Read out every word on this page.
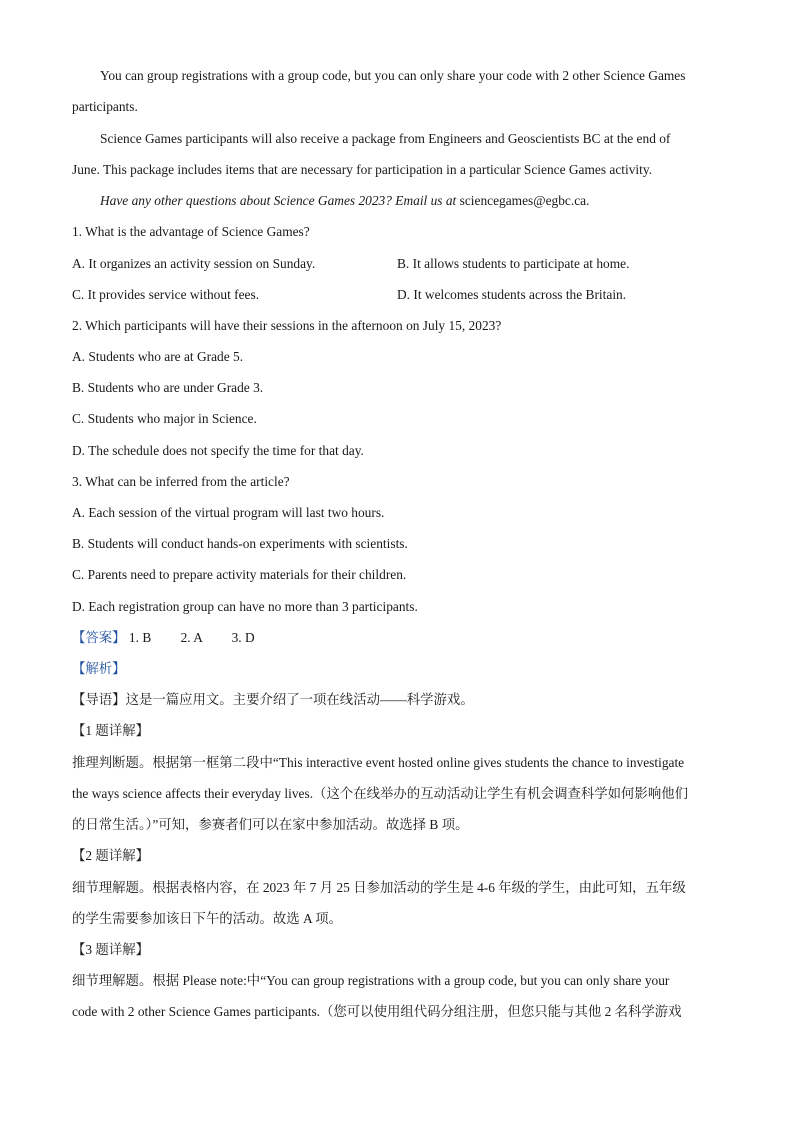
You can group registrations with a group code, but you can only share your code with 2 other Science Games
participants.
Science Games participants will also receive a package from Engineers and Geoscientists BC at the end of
June. This package includes items that are necessary for participation in a particular Science Games activity.
Have any other questions about Science Games 2023? Email us at sciencegames@egbc.ca.
1. What is the advantage of Science Games?
A. It organizes an activity session on Sunday.	B. It allows students to participate at home.
C. It provides service without fees.	D. It welcomes students across the Britain.
2. Which participants will have their sessions in the afternoon on July 15, 2023?
A. Students who are at Grade 5.
B. Students who are under Grade 3.
C. Students who major in Science.
D. The schedule does not specify the time for that day.
3. What can be inferred from the article?
A. Each session of the virtual program will last two hours.
B. Students will conduct hands-on experiments with scientists.
C. Parents need to prepare activity materials for their children.
D. Each registration group can have no more than 3 participants.
【答案】 1. B 2. A 3. D
【解析】
【导语】这是一篇应用文。主要介绍了一项在线活动——科学游戏。
【1 题详解】
推理判断题。根据第一框第二段中“This interactive event hosted online gives students the chance to investigate
the ways science affects their everyday lives.（这个在线举办的互动活动让学生有机会调查科学如何影响他们
的日常生活。）”可知，参赛者们可以在家中参加活动。故选择 B 项。
【2 题详解】
细节理解题。根据表格内容，在 2023 年 7 月 25 日参加活动的学生是 4-6 年级的学生，由此可知，五年级
的学生需要参加该日下午的活动。故选 A 项。
【3 题详解】
细节理解题。根据 Please note:中“You can group registrations with a group code, but you can only share your
code with 2 other Science Games participants.（您可以使用组代码分组注册，但您只能与其他 2 名科学游戏
